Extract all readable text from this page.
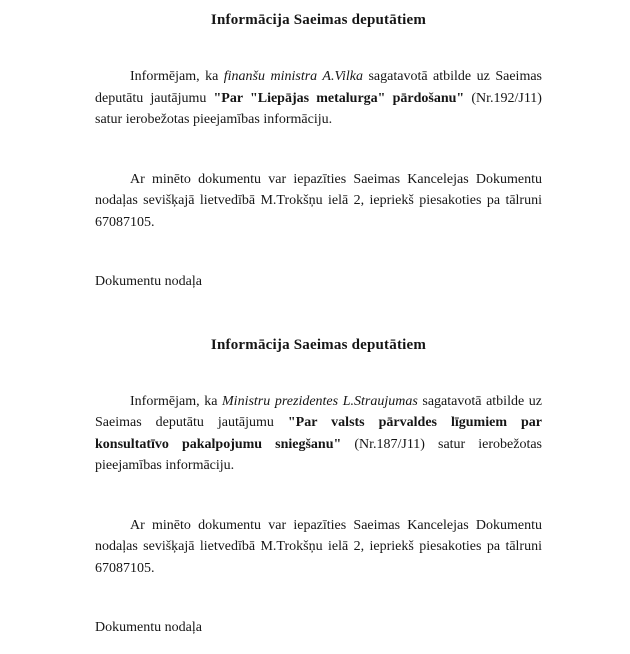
Informācija Saeimas deputātiem

Informējam, ka finanšu ministra A.Vilka sagatavotā atbilde uz Saeimas deputātu jautājumu "Par "Liepājas metalurga" pārdošanu" (Nr.192/J11) satur ierobežotas pieejamības informāciju.

Ar minēto dokumentu var iepazīties Saeimas Kancelejas Dokumentu nodaļas sevišķajā lietvedībā M.Trokšņu ielā 2, iepriekš piesakoties pa tālruni 67087105.

Dokumentu nodaļa

Informācija Saeimas deputātiem

Informējam, ka Ministru prezidentes L.Straujumas sagatavotā atbilde uz Saeimas deputātu jautājumu "Par valsts pārvaldes līgumiem par konsultatīvo pakalpojumu sniegšanu" (Nr.187/J11) satur ierobežotas pieejamības informāciju.

Ar minēto dokumentu var iepazīties Saeimas Kancelejas Dokumentu nodaļas sevišķajā lietvedībā M.Trokšņu ielā 2, iepriekš piesakoties pa tālruni 67087105.

Dokumentu nodaļa
